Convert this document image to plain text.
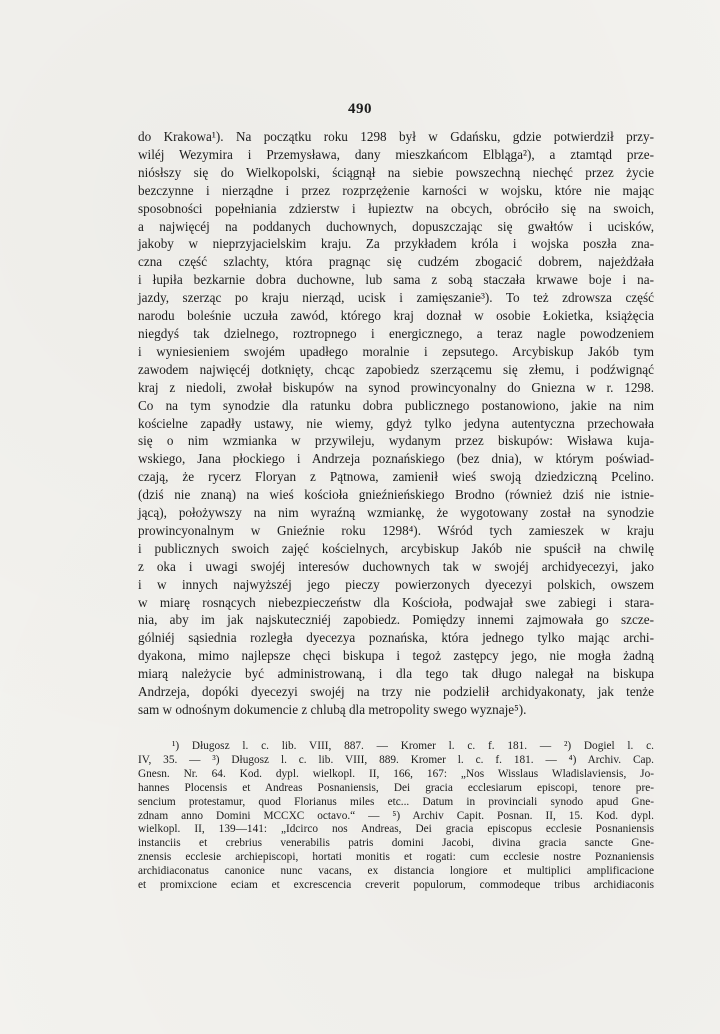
490
do Krakowa¹). Na początku roku 1298 był w Gdańsku, gdzie potwierdził przy-
wiléj Wezymira i Przemysława, dany mieszkańcom Elbląga²), a ztamtąd prze-
niósłszy się do Wielkopolski, ściągnął na siebie powszechną niechęć przez życie
bezczynne i nierządne i przez rozprzężenie karności w wojsku, które nie mając
sposobności popełniania zdzierstw i łupieztw na obcych, obróciło się na swoich,
a najwięcéj na poddanych duchownych, dopuszczając się gwałtów i ucisków,
jakoby w nieprzyjacielskim kraju. Za przykładem króla i wojska poszła zna-
czna część szlachty, która pragnąc się cudzém zbogacić dobrem, najeżdżała
i łupiła bezkarnie dobra duchowne, lub sama z sobą staczała krwawe boje i na-
jazdy, szerząc po kraju nierząd, ucisk i zamięszanie³). To też zdrowsza część
narodu boleśnie uczuła zawód, którego kraj doznał w osobie Łokietka, książęcia
niegdyś tak dzielnego, roztropnego i energicznego, a teraz nagle powodzeniem
i wyniesieniem swojém upadłego moralnie i zepsutego. Arcybiskup Jakób tym
zawodem najwięcéj dotknięty, chcąc zapobiedz szerzącemu się złemu, i podźwignąć
kraj z niedoli, zwołał biskupów na synod prowincyonalny do Gniezna w r. 1298.
Co na tym synodzie dla ratunku dobra publicznego postanowiono, jakie na nim
kościelne zapadły ustawy, nie wiemy, gdyż tylko jedyna autentyczna przechowała
się o nim wzmianka w przywileju, wydanym przez biskupów: Wisława kuja-
wskiego, Jana płockiego i Andrzeja poznańskiego (bez dnia), w którym poświad-
czają, że rycerz Floryan z Pątnowa, zamienił wieś swoją dziedziczną Pcelino.
(dziś nie znaną) na wieś kościoła gnieźnieńskiego Brodno (również dziś nie istnie-
jącą), położywszy na nim wyraźną wzmiankę, że wygotowany został na synodzie
prowincyonalnym w Gnieźnie roku 1298⁴). Wśród tych zamieszek w kraju
i publicznych swoich zajęć kościelnych, arcybiskup Jakób nie spuścił na chwilę
z oka i uwagi swojéj interesów duchownych tak w swojéj archidyecezyi, jako
i w innych najwyższéj jego pieczy powierzonych dyecezyi polskich, owszem
w miarę rosnących niebezpieczeństw dla Kościoła, podwajał swe zabiegi i stara-
nia, aby im jak najskuteczniéj zapobiedz. Pomiędzy innemi zajmowała go szcze-
gólniéj sąsiednia rozległa dyecezya poznańska, która jednego tylko mając archi-
dyakona, mimo najlepsze chęci biskupa i tegoż zastępcy jego, nie mogła żadną
miarą należycie być administrowaną, i dla tego tak długo nalegał na biskupa
Andrzeja, dopóki dyecezyi swojéj na trzy nie podzielił archidyakonaty, jak tenże
sam w odnośnym dokumencie z chlubą dla metropolity swego wyznaje⁵).
¹) Długosz l. c. lib. VIII, 887. — Kromer l. c. f. 181. — ²) Dogiel l. c.
IV, 35. — ³) Długosz l. c. lib. VIII, 889. Kromer l. c. f. 181. — ⁴) Archiv. Cap.
Gnesn. Nr. 64. Kod. dypl. wielkopl. II, 166, 167: „Nos Wisslaus Wladislaviensis, Jo-
hannes Plocensis et Andreas Posnaniensis, Dei gracia ecclesiarum episcopi, tenore pre-
sencium protestamur, quod Florianus miles etc... Datum in provinciali synodo apud Gne-
zdnam anno Domini MCCXC octavo.“ — ⁵) Archiv Capit. Posnan. II, 15. Kod. dypl.
wielkopl. II, 139—141: „Idcirco nos Andreas, Dei gracia episcopus ecclesie Posnaniensis
instanciis et crebrius venerabilis patris domini Jacobi, divina gracia sancte Gne-
znensis ecclesie archiepiscopi, hortati monitis et rogati: cum ecclesie nostre Poznaniensis
archidiaconatus canonice nunc vacans, ex distancia longiore et multiplici amplificacione
et promixcione eciam et excrescencia creverit populorum, commodeque tribus archidiaconis
